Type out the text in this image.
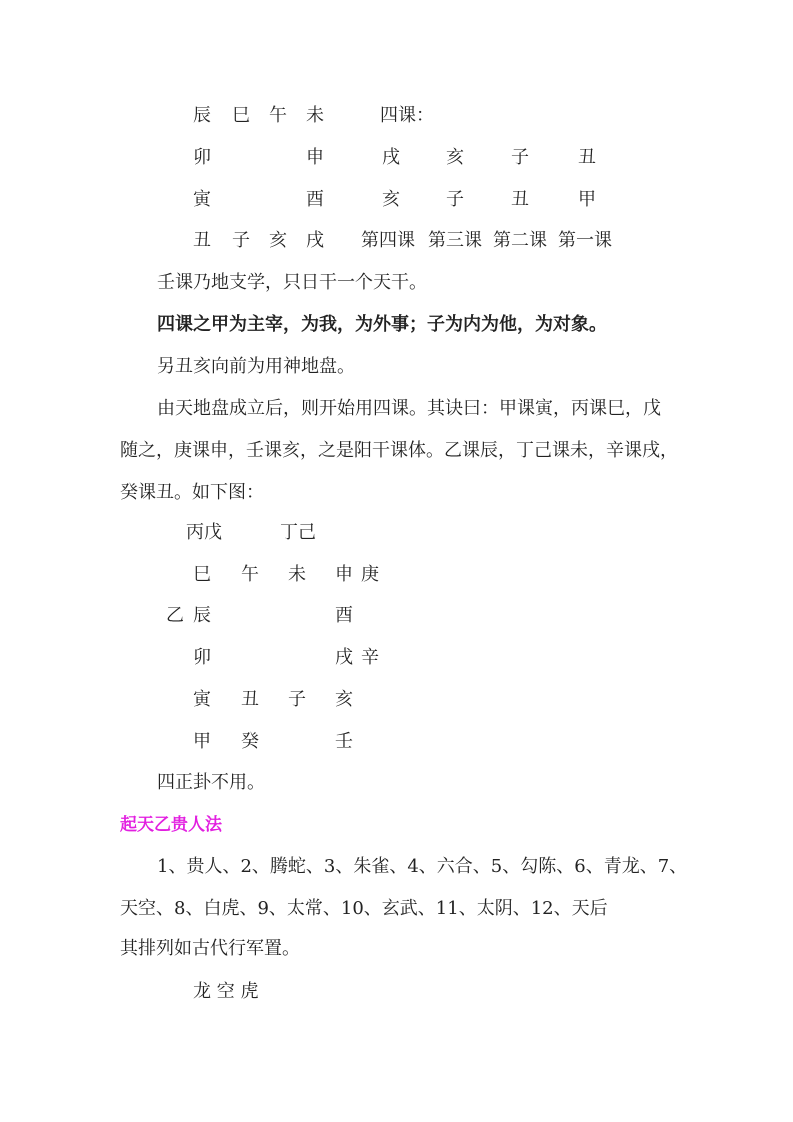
辰 巳 午 未	四课：
卯	申	戌	亥	子	丑
寅	酉	亥	子	丑	甲
丑 子 亥 戌 第四课 第三课 第二课 第一课
壬课乃地支学，只日干一个天干。
四课之甲为主宰，为我，为外事；子为内为他，为对象。
另丑亥向前为用神地盘。
由天地盘成立后，则开始用四课。其诀曰：甲课寅，丙课巳，戊
随之，庚课申，壬课亥，之是阳干课体。乙课辰，丁己课未，辛课戌，
癸课丑。如下图：
丙戊	丁己
巳 午 未 申 庚
乙 辰	酉
卯	戌 辛
寅 丑 子 亥
甲 癸	壬
四正卦不用。
起天乙贵人法
1、贵人、2、腾蛇、3、朱雀、4、六合、5、勾陈、6、青龙、7、
天空、8、白虎、9、太常、10、玄武、11、太阴、12、天后
其排列如古代行军置。
龙 空 虎
